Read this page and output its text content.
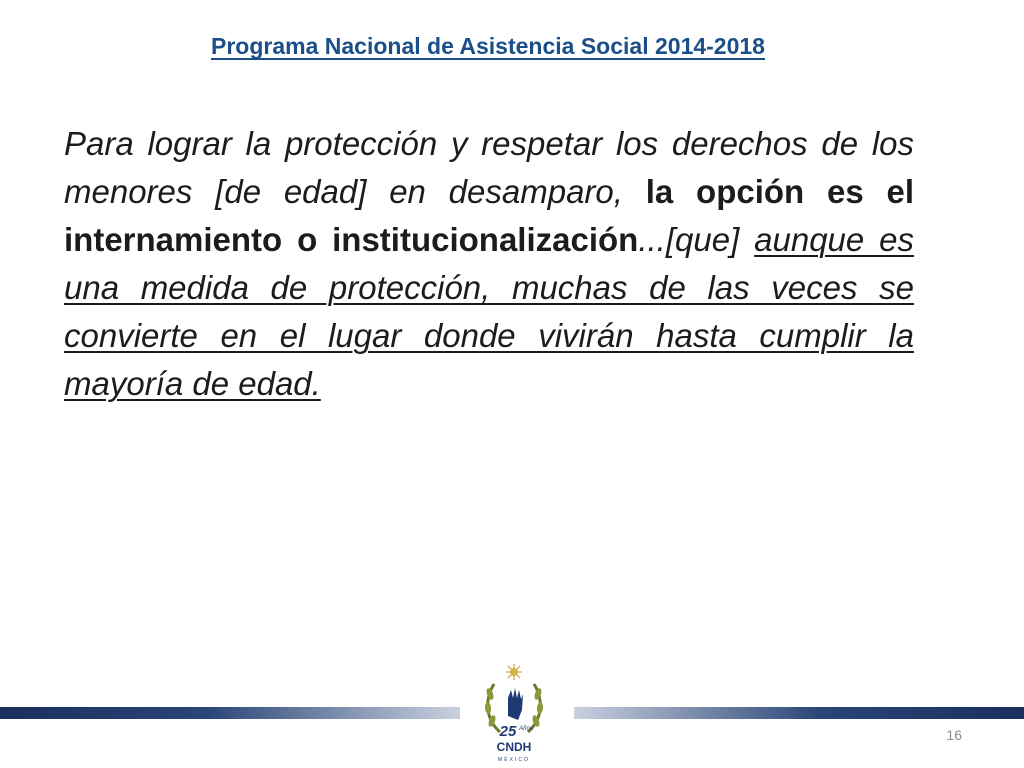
Programa Nacional de Asistencia Social 2014-2018

Para lograr la protección y respetar los derechos de los menores [de edad] en desamparo, la opción es el internamiento o institucionalización...[que] aunque es una medida de protección, muchas de las veces se convierte en el lugar donde vivirán hasta cumplir la mayoría de edad.

25 Años
CNDH
MÉXICO
16
